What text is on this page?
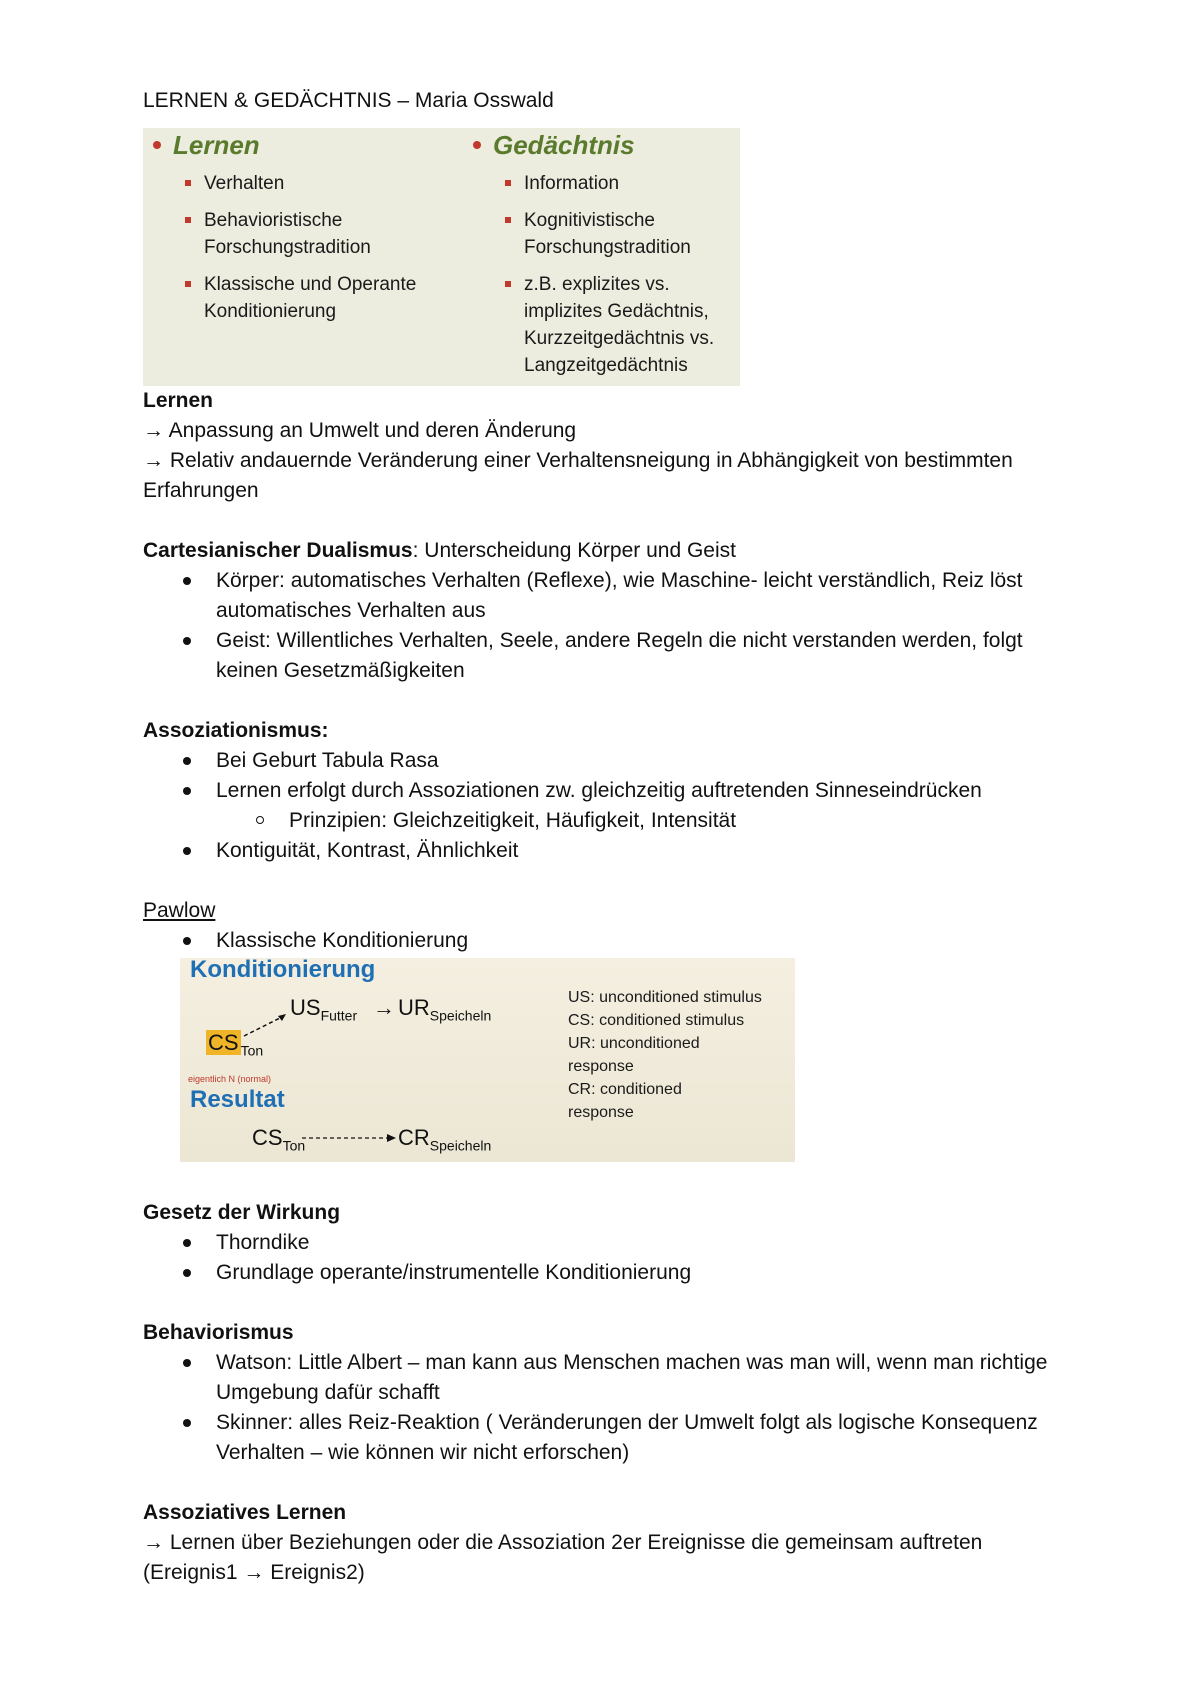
LERNEN & GEDÄCHTNIS – Maria Osswald

Lernen
Verhalten
Behavioristische Forschungstradition
Klassische und Operante Konditionierung
Gedächtnis
Information
Kognitivistische Forschungstradition
z.B. explizites vs. implizites Gedächtnis, Kurzzeitgedächtnis vs. Langzeitgedächtnis

Lernen

→ Anpassung an Umwelt und deren Änderung

→ Relativ andauernde Veränderung einer Verhaltensneigung in Abhängigkeit von bestimmten Erfahrungen

Cartesianischer Dualismus: Unterscheidung Körper und Geist

Körper: automatisches Verhalten (Reflexe), wie Maschine- leicht verständlich, Reiz löst automatisches Verhalten aus
Geist: Willentliches Verhalten, Seele, andere Regeln die nicht verstanden werden, folgt keinen Gesetzmäßigkeiten

Assoziationismus:

Bei Geburt Tabula Rasa
Lernen erfolgt durch Assoziationen zw. gleichzeitig auftretenden Sinneseindrücken
Prinzipien: Gleichzeitigkeit, Häufigkeit, Intensität
Kontiguität, Kontrast, Ähnlichkeit

Pawlow

Klassische Konditionierung
Konditionierung
$US_{Futter} \to UR_{Speicheln}$
CS $_{Ton}$
eigentlich N (normal)
Resultat
$CS_{Ton}$	$CR_{Speicheln}$
US: unconditioned stimulus
CS: conditioned stimulus
UR: unconditioned response
CR: conditioned response

Gesetz der Wirkung

Thorndike
Grundlage operante/instrumentelle Konditionierung

Behaviorismus

Watson: Little Albert – man kann aus Menschen machen was man will, wenn man richtige Umgebung dafür schafft
Skinner: alles Reiz-Reaktion ( Veränderungen der Umwelt folgt als logische Konsequenz Verhalten – wie können wir nicht erforschen)

Assoziatives Lernen

→ Lernen über Beziehungen oder die Assoziation 2er Ereignisse die gemeinsam auftreten (Ereignis1 → Ereignis2)
